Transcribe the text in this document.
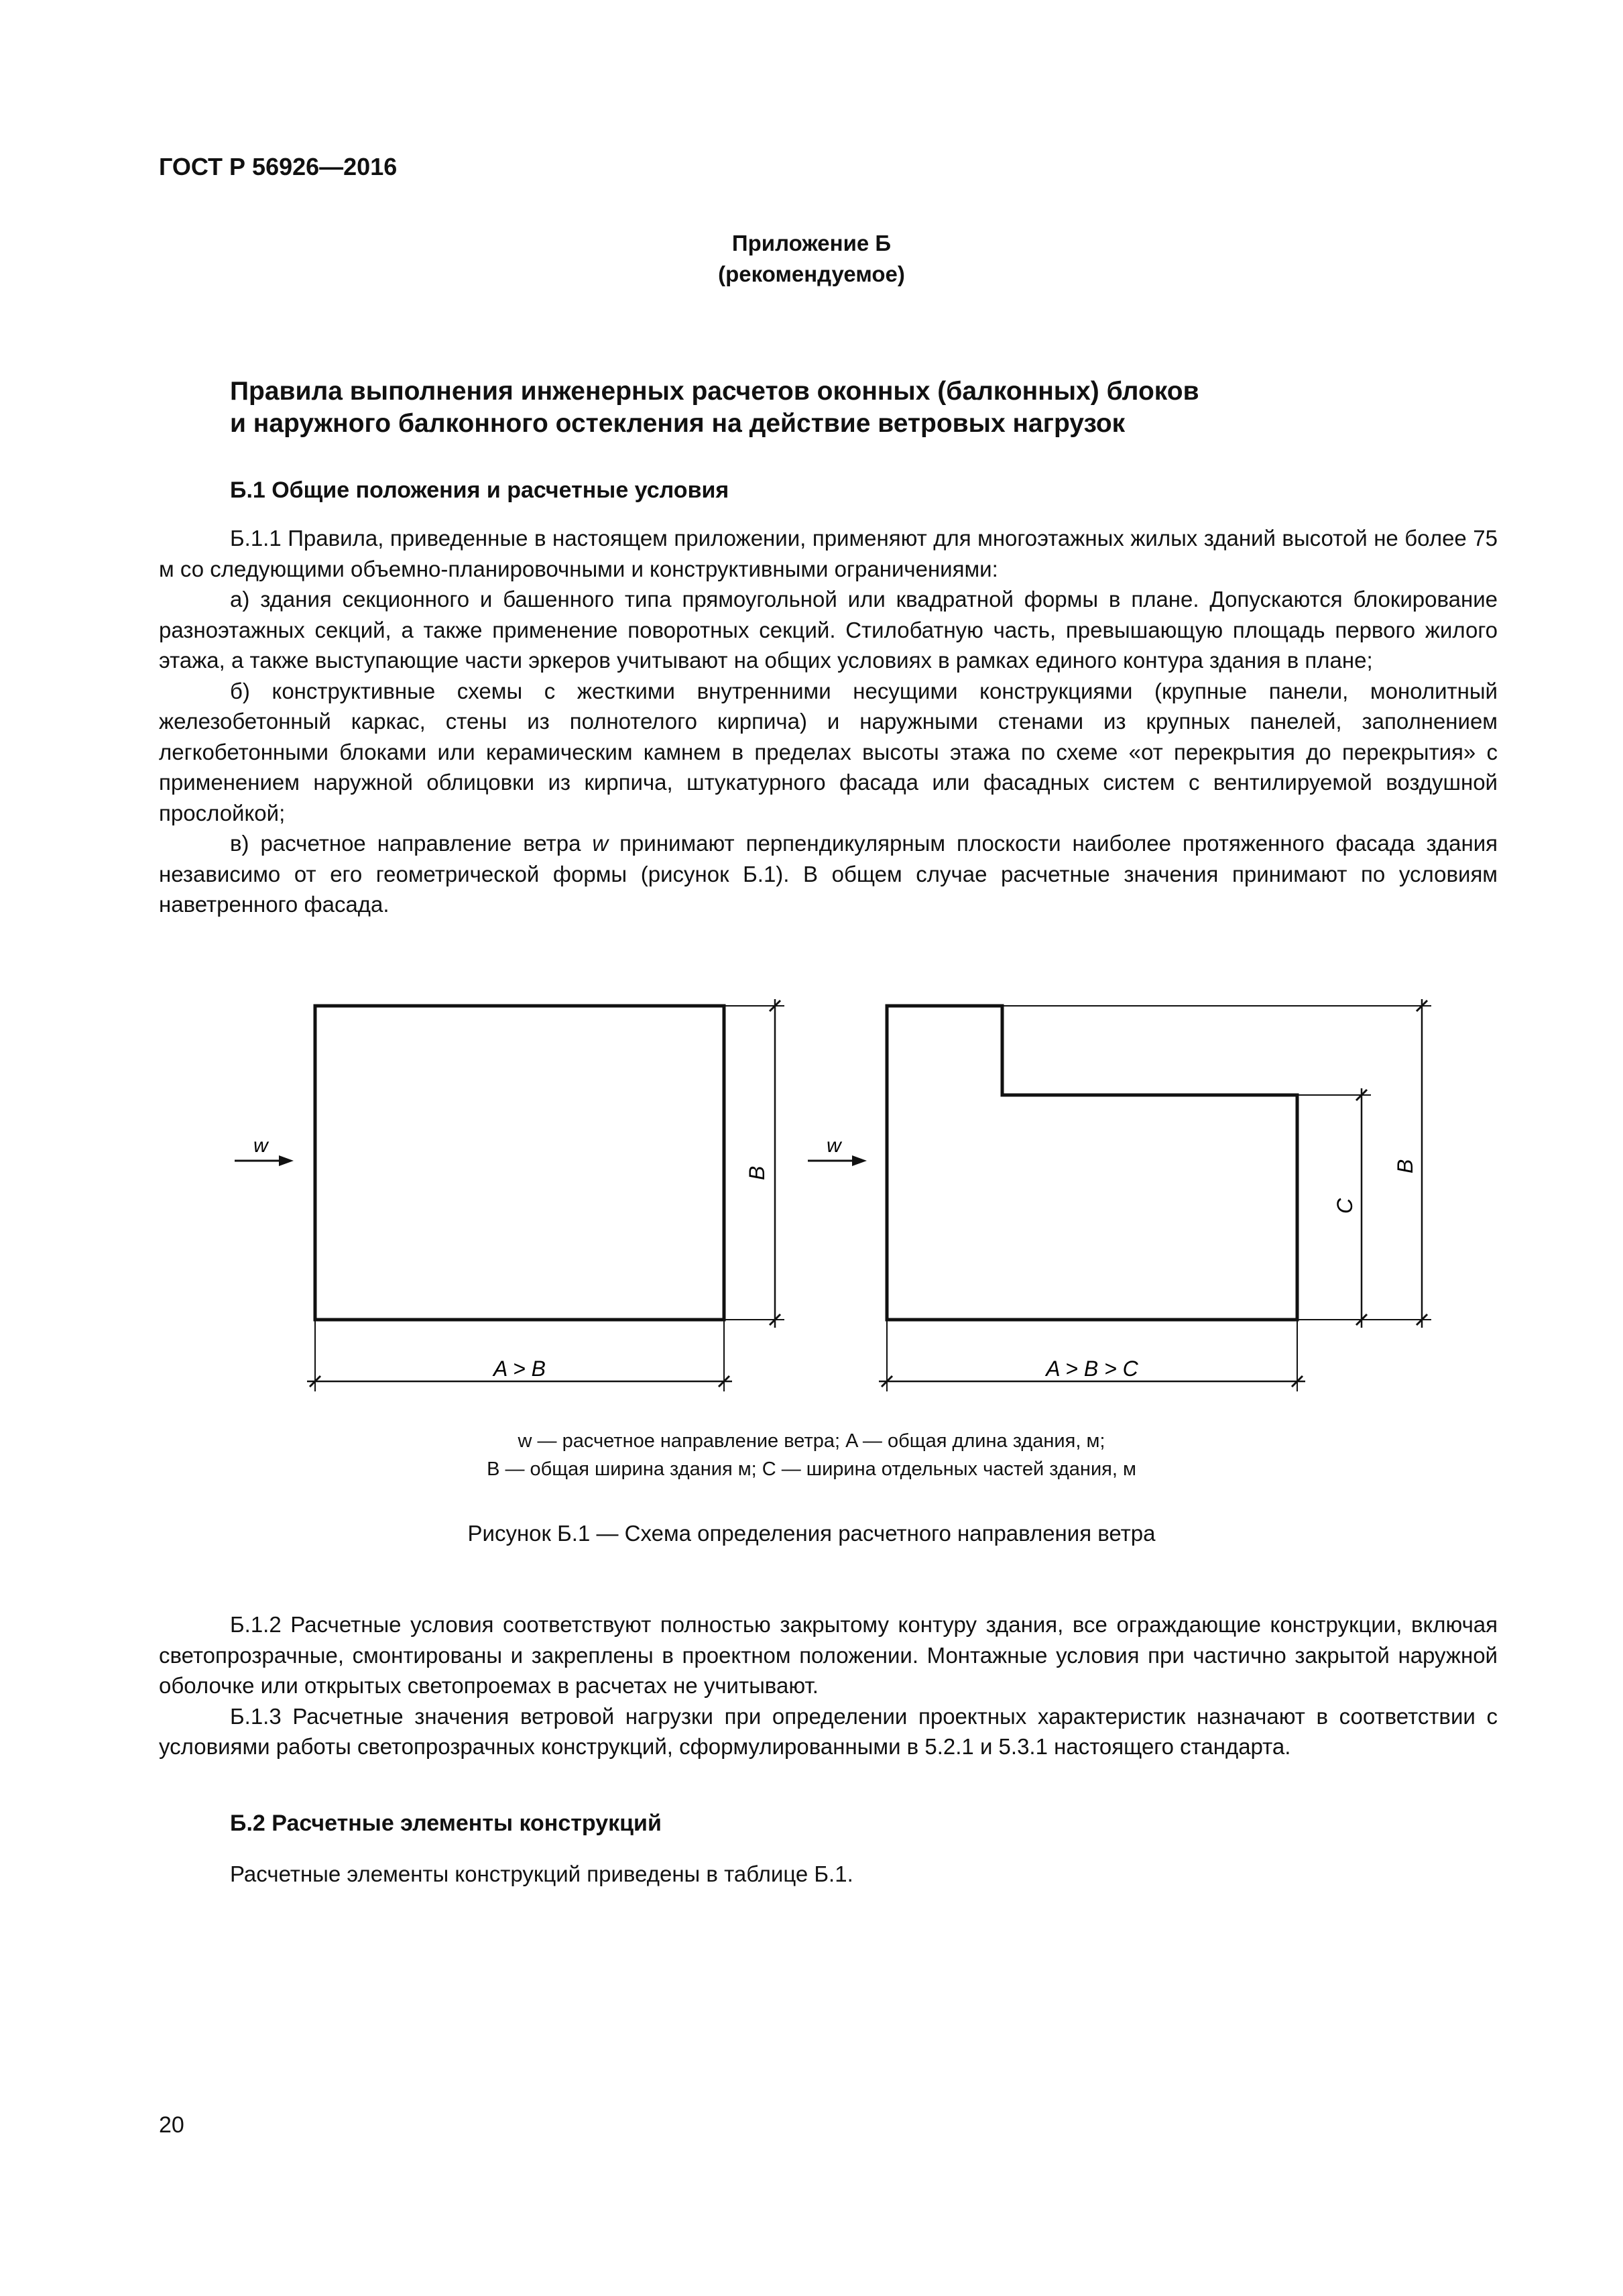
ГОСТ Р 56926—2016
Приложение Б
(рекомендуемое)
Правила выполнения инженерных расчетов оконных (балконных) блоков
и наружного балконного остекления на действие ветровых нагрузок
Б.1 Общие положения и расчетные условия

Б.1.1 Правила, приведенные в настоящем приложении, применяют для многоэтажных жилых зданий высотой не более 75 м со следующими объемно-планировочными и конструктивными ограничениями:

а) здания секционного и башенного типа прямоугольной или квадратной формы в плане. Допускаются блокирование разноэтажных секций, а также применение поворотных секций. Стилобатную часть, превышающую площадь первого жилого этажа, а также выступающие части эркеров учитывают на общих условиях в рамках единого контура здания в плане;

б) конструктивные схемы с жесткими внутренними несущими конструкциями (крупные панели, монолитный железобетонный каркас, стены из полнотелого кирпича) и наружными стенами из крупных панелей, заполнением легкобетонными блоками или керамическим камнем в пределах высоты этажа по схеме «от перекрытия до перекрытия» с применением наружной облицовки из кирпича, штукатурного фасада или фасадных систем с вентилируемой воздушной прослойкой;

в) расчетное направление ветра w принимают перпендикулярным плоскости наиболее протяженного фасада здания независимо от его геометрической формы (рисунок Б.1). В общем случае расчетные значения принимают по условиям наветренного фасада.

w
B
A > B
w
C
B
A > B > C
w — расчетное направление ветра; A — общая длина здания, м;
B — общая ширина здания м; C — ширина отдельных частей здания, м
Рисунок Б.1 — Схема определения расчетного направления ветра

Б.1.2 Расчетные условия соответствуют полностью закрытому контуру здания, все ограждающие конструкции, включая светопрозрачные, смонтированы и закреплены в проектном положении. Монтажные условия при частично закрытой наружной оболочке или открытых светопроемах в расчетах не учитывают.

Б.1.3 Расчетные значения ветровой нагрузки при определении проектных характеристик назначают в соответствии с условиями работы светопрозрачных конструкций, сформулированными в 5.2.1 и 5.3.1 настоящего стандарта.

Б.2 Расчетные элементы конструкций
Расчетные элементы конструкций приведены в таблице Б.1.
20
